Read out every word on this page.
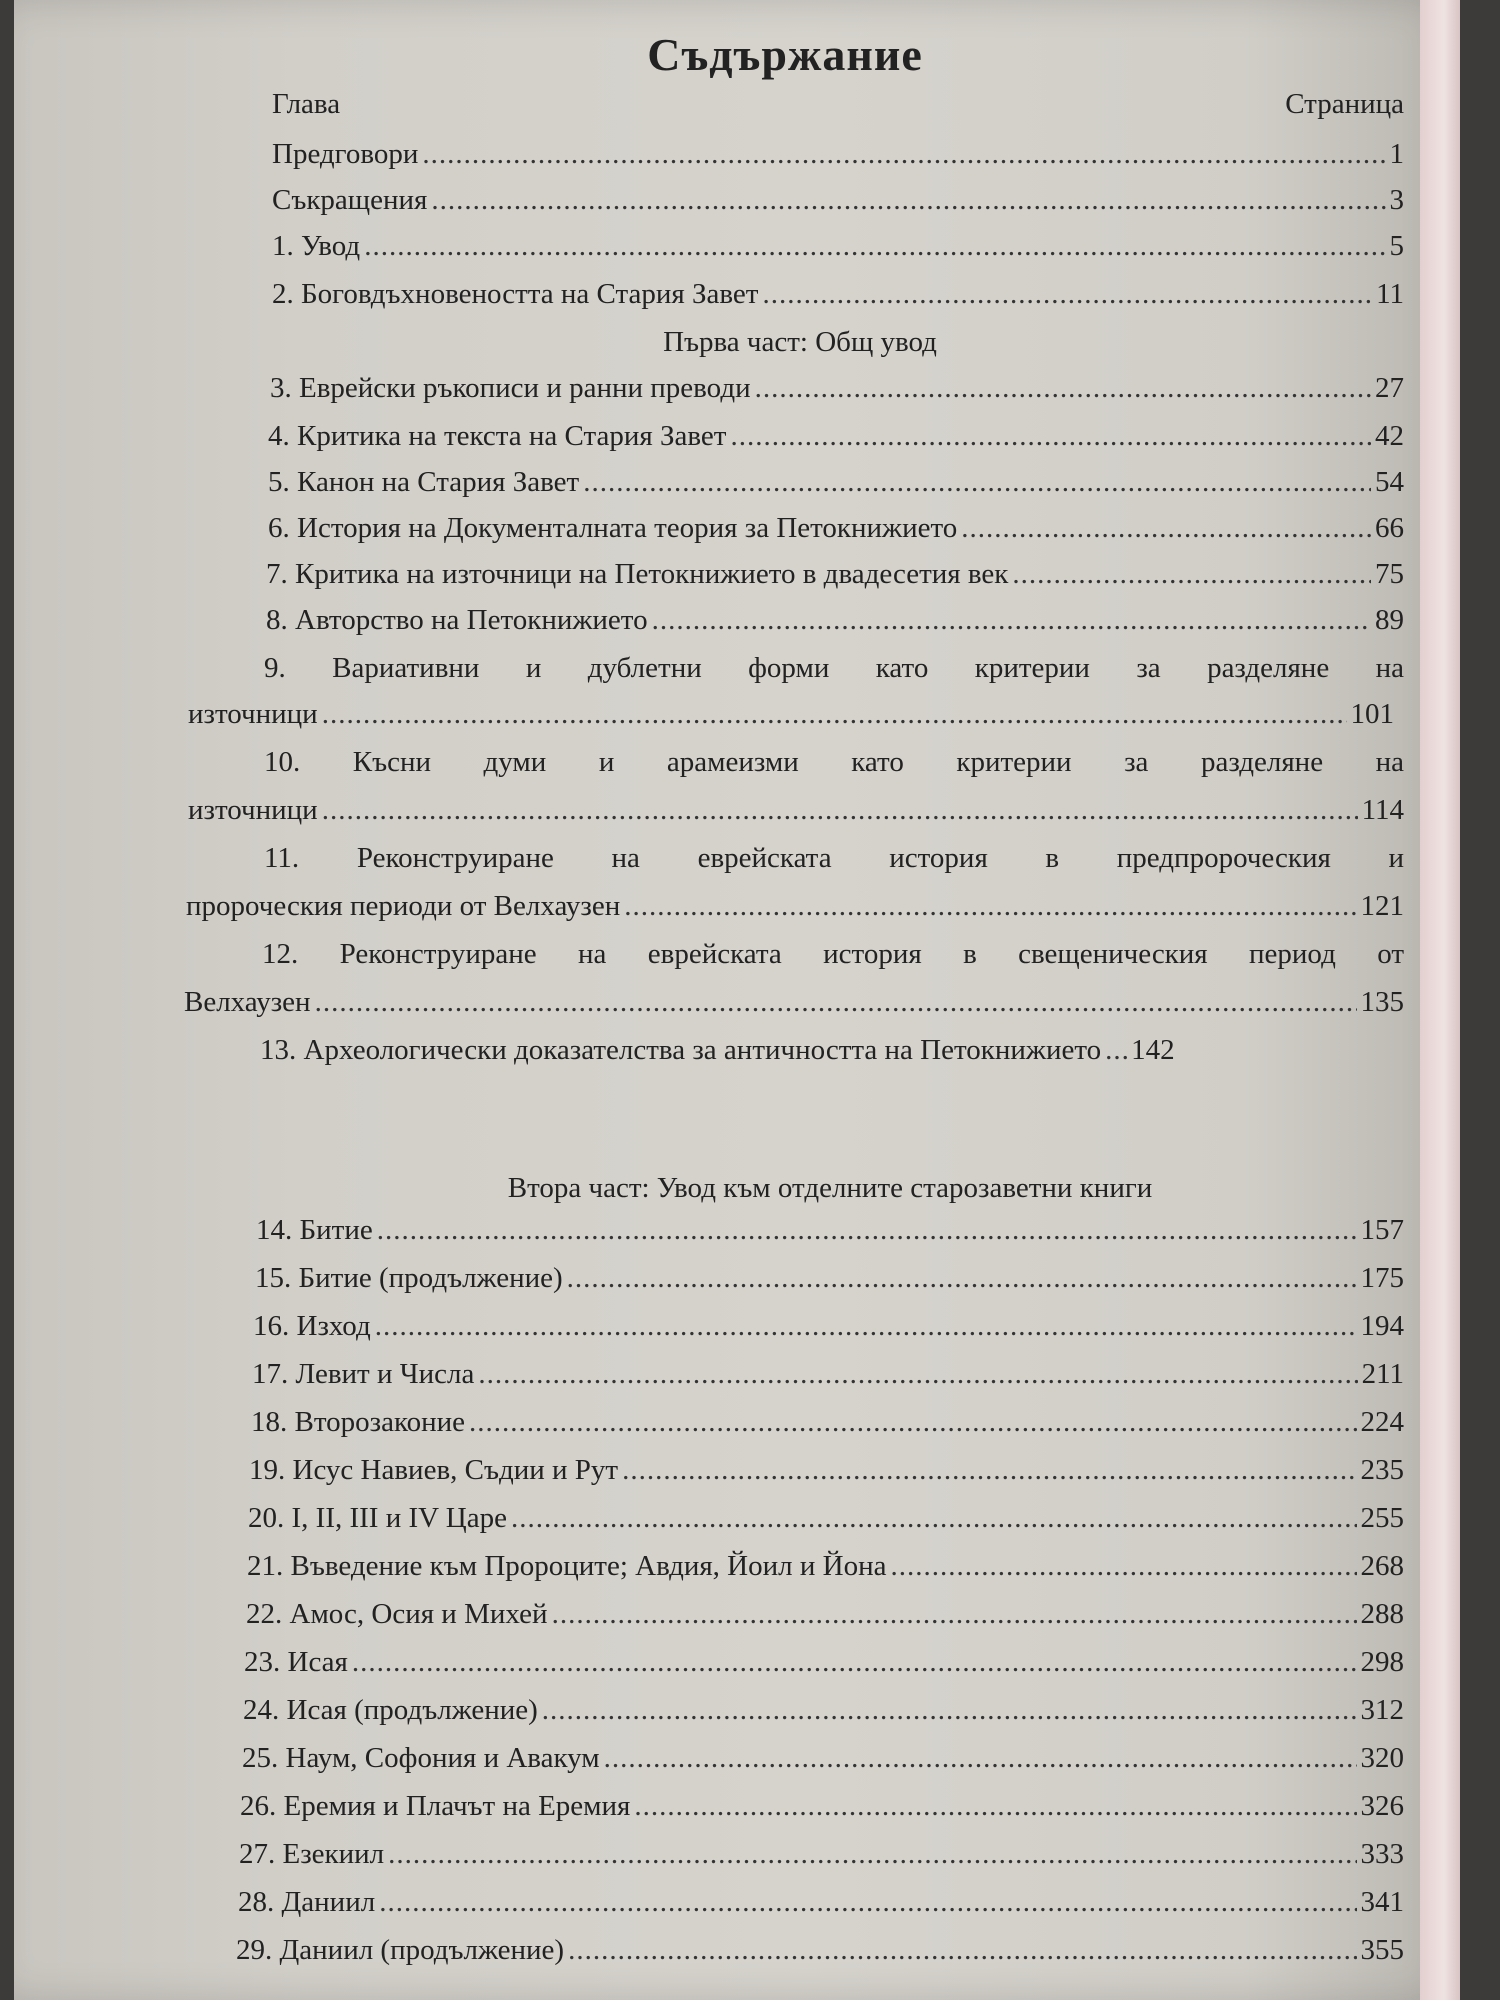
Съдържание
Глава	Страница
Предговори .....	1
Съкращения .....	3
1. Увод .....	5
2. Боговдъхновеността на Стария Завет .....	11
Първа част: Общ увод
3. Еврейски ръкописи и ранни преводи .....	27
4. Критика на текста на Стария Завет .....	42
5. Канон на Стария Завет .....	54
6. История на Документалната теория за Петокнижието .....	66
7. Критика на източници на Петокнижието в двадесетия век .....	75
8. Авторство на Петокнижието .....	89
9. Вариативни и дублетни форми като критерии за разделяне на
източници .....	101
10. Късни думи и арамеизми като критерии за разделяне на
източници .....	114
11. Реконструиране на еврейската история в предпророческия и
пророческия периоди от Велхаузен .....	121
12. Реконструиране на еврейската история в свещеническия период от
Велхаузен .....	135
13. Археологически доказателства за античността на Петокнижието ..... 142
Втора част: Увод към отделните старозаветни книги
14. Битие .....	157
15. Битие (продължение) .....	175
16. Изход .....	194
17. Левит и Числа .....	211
18. Второзаконие .....	224
19. Исус Навиев, Съдии и Рут .....	235
20. I, II, III и IV Царе .....	255
21. Въведение към Пророците; Авдия, Йоил и Йона .....	268
22. Амос, Осия и Михей .....	288
23. Исая .....	298
24. Исая (продължение) .....	312
25. Наум, Софония и Авакум .....	320
26. Еремия и Плачът на Еремия .....	326
27. Езекиил .....	333
28. Даниил .....	341
29. Даниил (продължение) .....	355
